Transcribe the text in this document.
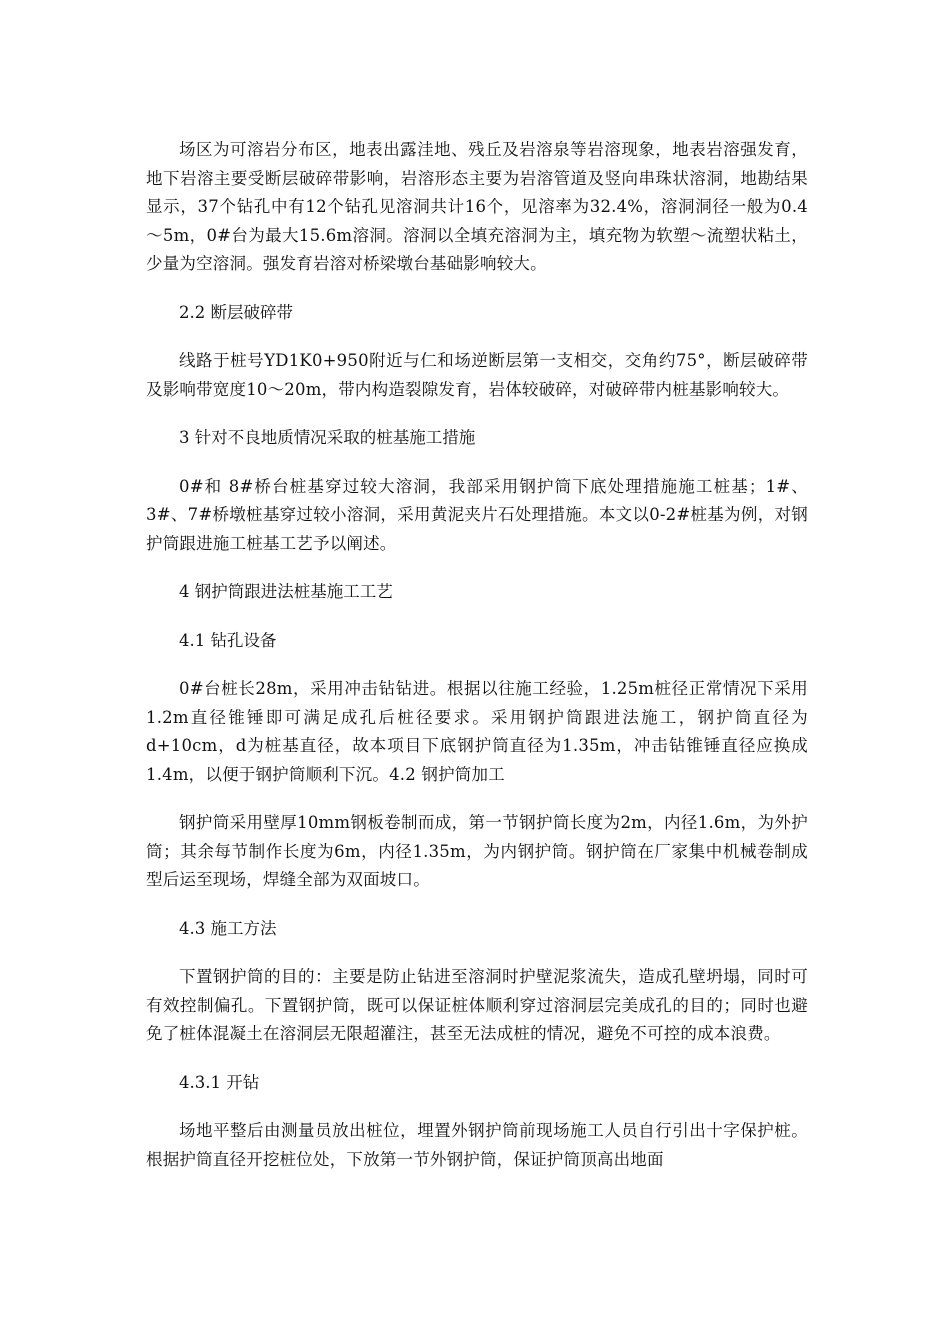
场区为可溶岩分布区，地表出露洼地、残丘及岩溶泉等岩溶现象，地表岩溶强发育，地下岩溶主要受断层破碎带影响，岩溶形态主要为岩溶管道及竖向串珠状溶洞，地勘结果显示，37个钻孔中有12个钻孔见溶洞共计16个，见溶率为32.4%，溶洞洞径一般为0.4～5m，0#台为最大15.6m溶洞。溶洞以全填充溶洞为主，填充物为软塑～流塑状粘土，少量为空溶洞。强发育岩溶对桥梁墩台基础影响较大。

2.2 断层破碎带

线路于桩号YD1K0+950附近与仁和场逆断层第一支相交，交角约75°，断层破碎带及影响带宽度10～20m，带内构造裂隙发育，岩体较破碎，对破碎带内桩基影响较大。

3 针对不良地质情况采取的桩基施工措施

0#和 8#桥台桩基穿过较大溶洞，我部采用钢护筒下底处理措施施工桩基；1#、3#、7#桥墩桩基穿过较小溶洞，采用黄泥夹片石处理措施。本文以0-2#桩基为例，对钢护筒跟进施工桩基工艺予以阐述。

4 钢护筒跟进法桩基施工工艺

4.1 钻孔设备

0#台桩长28m，采用冲击钻钻进。根据以往施工经验，1.25m桩径正常情况下采用1.2m直径锥锤即可满足成孔后桩径要求。采用钢护筒跟进法施工，钢护筒直径为d+10cm，d为桩基直径，故本项目下底钢护筒直径为1.35m，冲击钻锥锤直径应换成1.4m，以便于钢护筒顺利下沉。4.2 钢护筒加工

钢护筒采用壁厚10mm钢板卷制而成，第一节钢护筒长度为2m，内径1.6m，为外护筒；其余每节制作长度为6m，内径1.35m，为内钢护筒。钢护筒在厂家集中机械卷制成型后运至现场，焊缝全部为双面坡口。

4.3 施工方法

下置钢护筒的目的：主要是防止钻进至溶洞时护壁泥浆流失，造成孔壁坍塌，同时可有效控制偏孔。下置钢护筒，既可以保证桩体顺利穿过溶洞层完美成孔的目的；同时也避免了桩体混凝土在溶洞层无限超灌注，甚至无法成桩的情况，避免不可控的成本浪费。

4.3.1 开钻

场地平整后由测量员放出桩位，埋置外钢护筒前现场施工人员自行引出十字保护桩。根据护筒直径开挖桩位处，下放第一节外钢护筒，保证护筒顶高出地面
